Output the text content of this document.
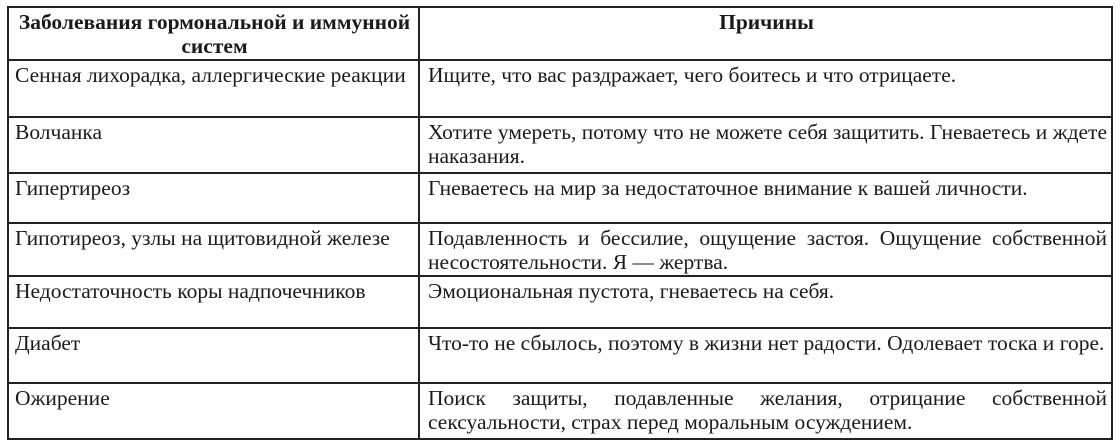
Заболевания гормональной и иммунной систем	Причины
Сенная лихорадка, аллергические реакции	Ищите, что вас раздражает, чего боитесь и что отрицаете.
Волчанка	Хотите умереть, потому что не можете себя защитить. Гневаетесь и ждете наказания.
Гипертиреоз	Гневаетесь на мир за недостаточное внимание к вашей личности.
Гипотиреоз, узлы на щитовидной железе	Подавленность и бессилие, ощущение застоя. Ощущение собственной несостоятельности. Я — жертва.
Недостаточность коры надпочечников	Эмоциональная пустота, гневаетесь на себя.
Диабет	Что-то не сбылось, поэтому в жизни нет радости. Одолевает тоска и горе.
Ожирение	Поиск защиты, подавленные желания, отрицание собственной сексуальности, страх перед моральным осуждением.
